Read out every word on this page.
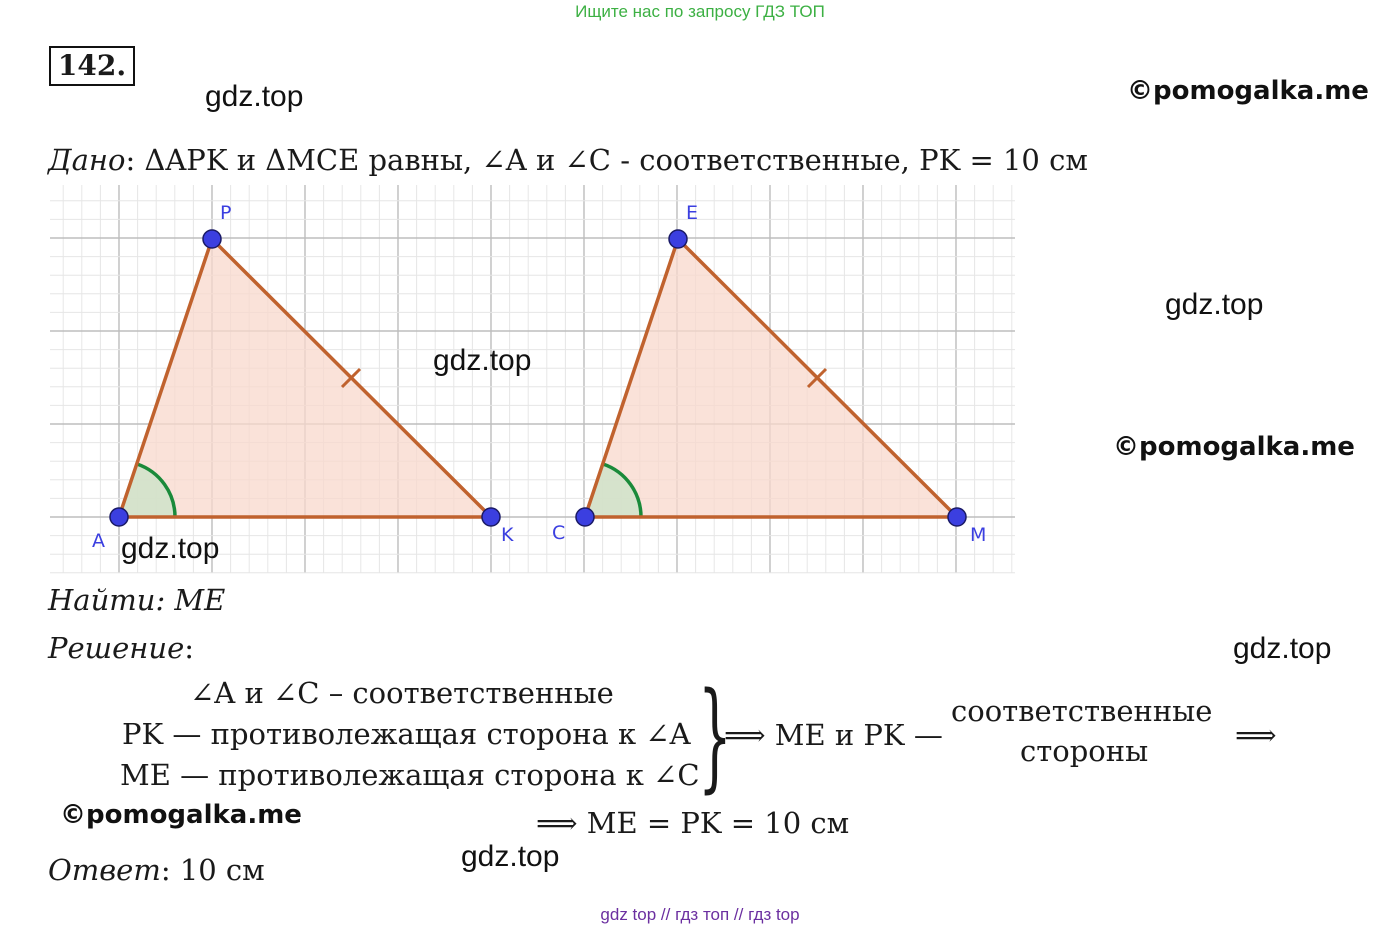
Ищите нас по запросу ГДЗ ТОП
142.
gdz.top	©pomogalka.me
Дано: ΔAPK и ΔMCE равны, ∠A и ∠C - соответственные, PK = 10 см
P
A	K
E
C	M
gdz.top
gdz.top
gdz.top
©pomogalka.me
Найти: ME
Решение:	gdz.top
∠A и ∠C – соответственные
PK — противолежащая сторона к ∠A
ME — противолежащая сторона к ∠C
}
⟹ ME и PK —
соответственные
стороны	⟹
©pomogalka.me	⟹ ME = PK = 10 см
gdz.top
Ответ: 10 см
gdz top // гдз топ // гдз top
